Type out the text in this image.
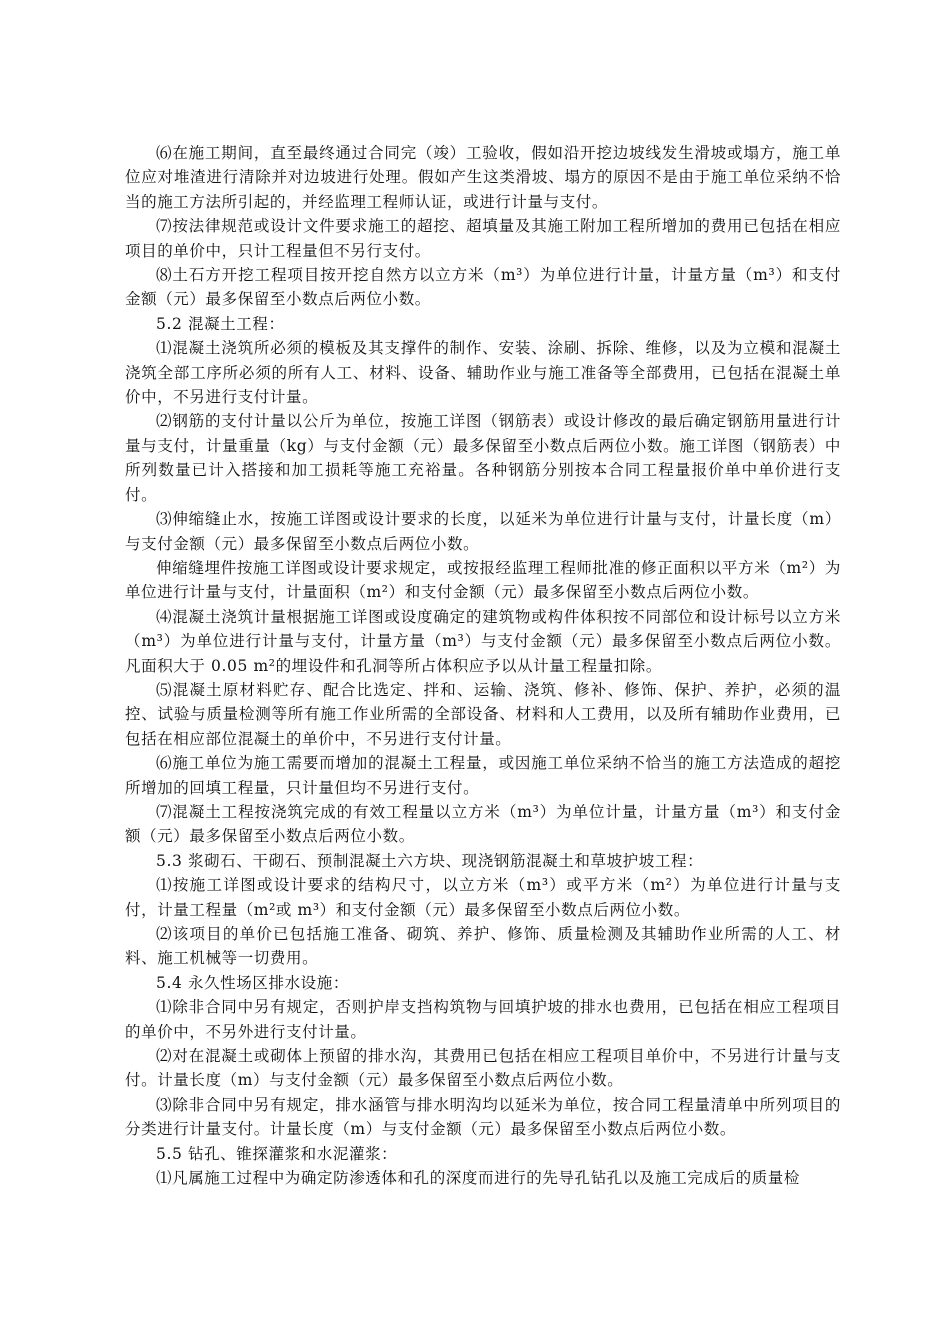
⑹在施工期间，直至最终通过合同完（竣）工验收，假如沿开挖边坡线发生滑坡或塌方，施工单位应对堆渣进行清除并对边坡进行处理。假如产生这类滑坡、塌方的原因不是由于施工单位采纳不恰当的施工方法所引起的，并经监理工程师认证，或进行计量与支付。

⑺按法律规范或设计文件要求施工的超挖、超填量及其施工附加工程所增加的费用已包括在相应项目的单价中，只计工程量但不另行支付。

⑻土石方开挖工程项目按开挖自然方以立方米（m³）为单位进行计量，计量方量（m³）和支付金额（元）最多保留至小数点后两位小数。

5.2 混凝土工程：

⑴混凝土浇筑所必须的模板及其支撑件的制作、安装、涂刷、拆除、维修，以及为立模和混凝土浇筑全部工序所必须的所有人工、材料、设备、辅助作业与施工准备等全部费用，已包括在混凝土单价中，不另进行支付计量。

⑵钢筋的支付计量以公斤为单位，按施工详图（钢筋表）或设计修改的最后确定钢筋用量进行计量与支付，计量重量（kg）与支付金额（元）最多保留至小数点后两位小数。施工详图（钢筋表）中所列数量已计入搭接和加工损耗等施工充裕量。各种钢筋分别按本合同工程量报价单中单价进行支付。

⑶伸缩缝止水，按施工详图或设计要求的长度，以延米为单位进行计量与支付，计量长度（m）与支付金额（元）最多保留至小数点后两位小数。

伸缩缝埋件按施工详图或设计要求规定，或按报经监理工程师批准的修正面积以平方米（m²）为单位进行计量与支付，计量面积（m²）和支付金额（元）最多保留至小数点后两位小数。

⑷混凝土浇筑计量根据施工详图或设度确定的建筑物或构件体积按不同部位和设计标号以立方米（m³）为单位进行计量与支付，计量方量（m³）与支付金额（元）最多保留至小数点后两位小数。凡面积大于 0.05 m²的埋设件和孔洞等所占体积应予以从计量工程量扣除。

⑸混凝土原材料贮存、配合比选定、拌和、运输、浇筑、修补、修饰、保护、养护，必须的温控、试验与质量检测等所有施工作业所需的全部设备、材料和人工费用，以及所有辅助作业费用，已包括在相应部位混凝土的单价中，不另进行支付计量。

⑹施工单位为施工需要而增加的混凝土工程量，或因施工单位采纳不恰当的施工方法造成的超挖所增加的回填工程量，只计量但均不另进行支付。

⑺混凝土工程按浇筑完成的有效工程量以立方米（m³）为单位计量，计量方量（m³）和支付金额（元）最多保留至小数点后两位小数。

5.3 浆砌石、干砌石、预制混凝土六方块、现浇钢筋混凝土和草坡护坡工程：

⑴按施工详图或设计要求的结构尺寸，以立方米（m³）或平方米（m²）为单位进行计量与支付，计量工程量（m²或 m³）和支付金额（元）最多保留至小数点后两位小数。

⑵该项目的单价已包括施工准备、砌筑、养护、修饰、质量检测及其辅助作业所需的人工、材料、施工机械等一切费用。

5.4 永久性场区排水设施：

⑴除非合同中另有规定，否则护岸支挡构筑物与回填护坡的排水也费用，已包括在相应工程项目的单价中，不另外进行支付计量。

⑵对在混凝土或砌体上预留的排水沟，其费用已包括在相应工程项目单价中，不另进行计量与支付。计量长度（m）与支付金额（元）最多保留至小数点后两位小数。

⑶除非合同中另有规定，排水涵管与排水明沟均以延米为单位，按合同工程量清单中所列项目的分类进行计量支付。计量长度（m）与支付金额（元）最多保留至小数点后两位小数。

5.5 钻孔、锥探灌浆和水泥灌浆：

⑴凡属施工过程中为确定防渗透体和孔的深度而进行的先导孔钻孔以及施工完成后的质量检
